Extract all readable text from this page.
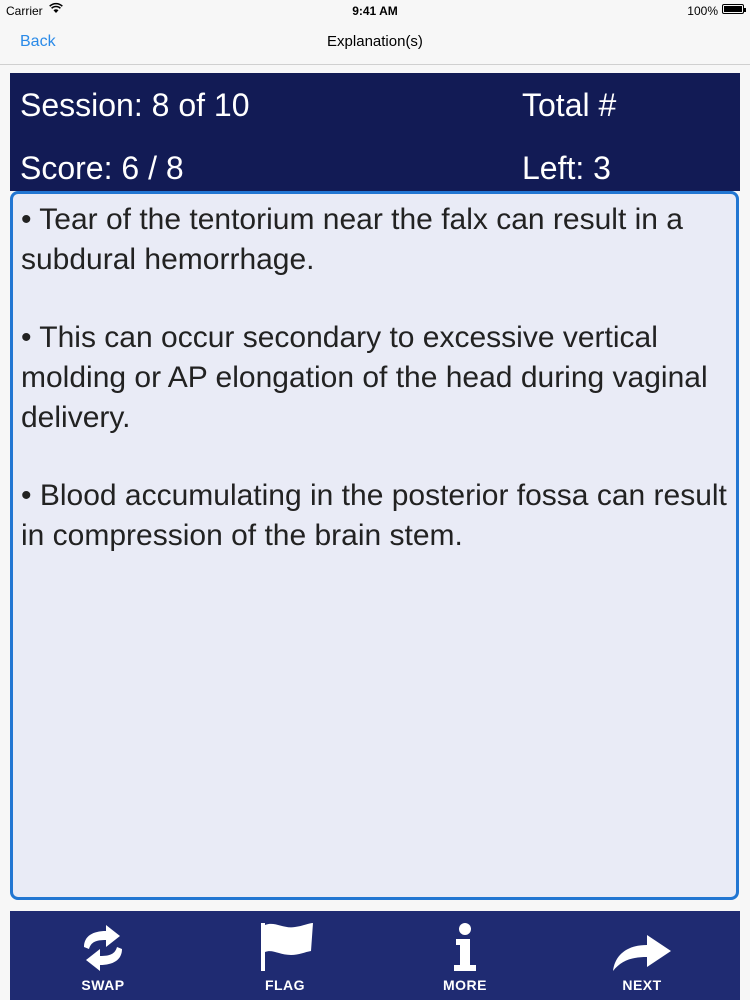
Carrier	9:41 AM	100%
Back	Explanation(s)
Session: 8 of 10	Total #
Score: 6 / 8	Left: 3

• Tear of the tentorium near the falx can result in a subdural hemorrhage.

• This can occur secondary to excessive vertical molding or AP elongation of the head during vaginal delivery.

• Blood accumulating in the posterior fossa can result in compression of the brain stem.

SWAP	FLAG	MORE	NEXT
